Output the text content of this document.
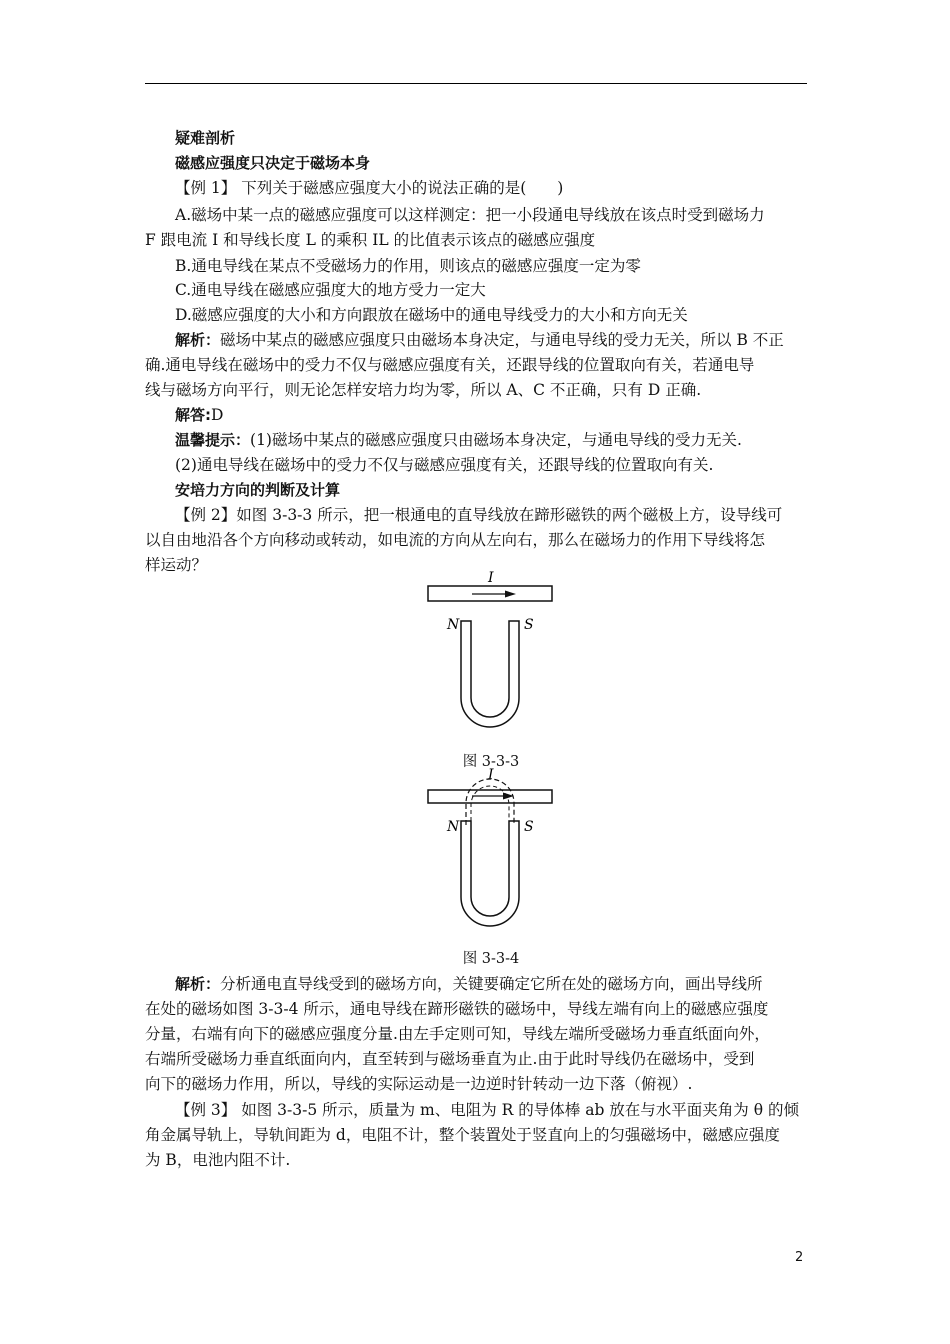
疑难剖析
磁感应强度只决定于磁场本身
【例 1】 下列关于磁感应强度大小的说法正确的是(　　)
A.磁场中某一点的磁感应强度可以这样测定：把一小段通电导线放在该点时受到磁场力
F 跟电流 I 和导线长度 L 的乘积 IL 的比值表示该点的磁感应强度
B.通电导线在某点不受磁场力的作用，则该点的磁感应强度一定为零
C.通电导线在磁感应强度大的地方受力一定大
D.磁感应强度的大小和方向跟放在磁场中的通电导线受力的大小和方向无关
解析：磁场中某点的磁感应强度只由磁场本身决定，与通电导线的受力无关，所以 B 不正
确.通电导线在磁场中的受力不仅与磁感应强度有关，还跟导线的位置取向有关，若通电导
线与磁场方向平行，则无论怎样安培力均为零，所以 A、C 不正确，只有 D 正确.
解答:D
温馨提示：(1)磁场中某点的磁感应强度只由磁场本身决定，与通电导线的受力无关.
(2)通电导线在磁场中的受力不仅与磁感应强度有关，还跟导线的位置取向有关.
安培力方向的判断及计算
【例 2】如图 3-3-3 所示，把一根通电的直导线放在蹄形磁铁的两个磁极上方，设导线可
以自由地沿各个方向移动或转动，如电流的方向从左向右，那么在磁场力的作用下导线将怎
样运动？
I
N	S
图 3-3-3
I
N	S
图 3-3-4
解析：分析通电直导线受到的磁场方向，关键要确定它所在处的磁场方向，画出导线所
在处的磁场如图 3-3-4 所示，通电导线在蹄形磁铁的磁场中，导线左端有向上的磁感应强度
分量，右端有向下的磁感应强度分量.由左手定则可知，导线左端所受磁场力垂直纸面向外，
右端所受磁场力垂直纸面向内，直至转到与磁场垂直为止.由于此时导线仍在磁场中，受到
向下的磁场力作用，所以，导线的实际运动是一边逆时针转动一边下落（俯视）.
【例 3】 如图 3-3-5 所示，质量为 m、电阻为 R 的导体棒 ab 放在与水平面夹角为 θ 的倾
角金属导轨上，导轨间距为 d，电阻不计，整个装置处于竖直向上的匀强磁场中，磁感应强度
为 B，电池内阻不计.
2
